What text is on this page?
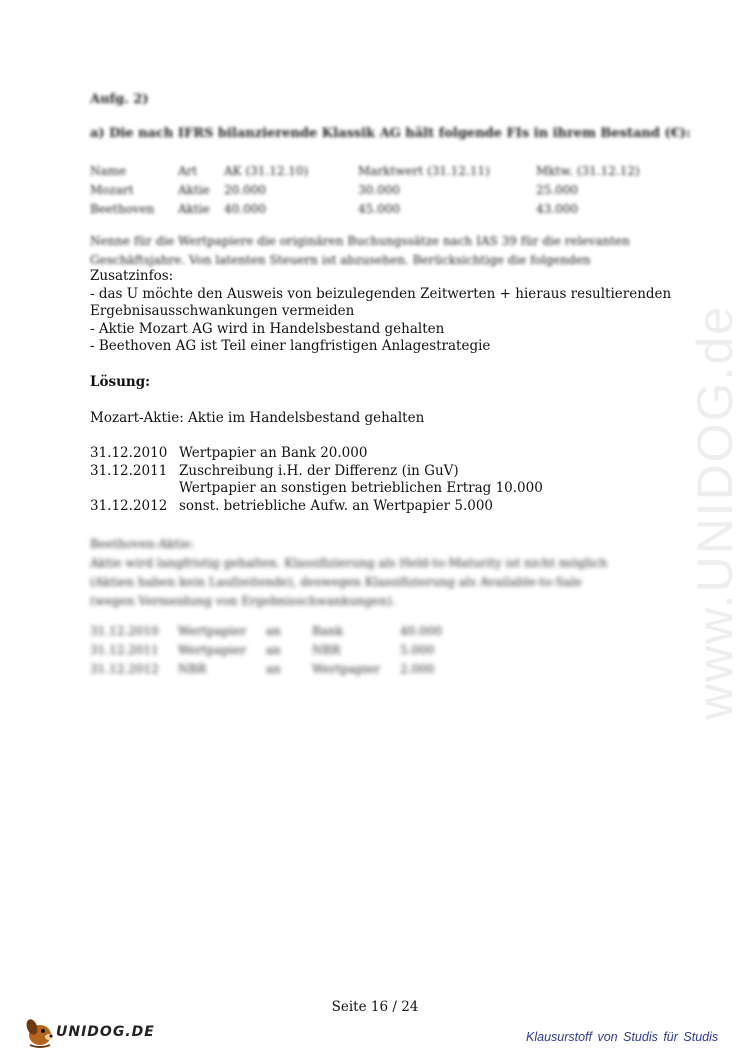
www.UNIDOG.de
Aufg. 2)
a) Die nach IFRS bilanzierende Klassik AG hält folgende FIs in ihrem Bestand (€):
Name	Art AK (31.12.10)	Marktwert (31.12.11)	Mktw. (31.12.12)
Mozart	Aktie 20.000	30.000	25.000
Beethoven Aktie 40.000	45.000	43.000
Nenne für die Wertpapiere die originären Buchungssätze nach IAS 39 für die relevanten
Geschäftsjahre. Von latenten Steuern ist abzusehen. Berücksichtige die folgenden
Zusatzinfos:
- das U möchte den Ausweis von beizulegenden Zeitwerten + hieraus resultierenden
Ergebnisausschwankungen vermeiden
- Aktie Mozart AG wird in Handelsbestand gehalten
- Beethoven AG ist Teil einer langfristigen Anlagestrategie
Lösung:
Mozart-Aktie: Aktie im Handelsbestand gehalten
31.12.2010 Wertpapier an Bank 20.000
31.12.2011 Zuschreibung i.H. der Differenz (in GuV)
Wertpapier an sonstigen betrieblichen Ertrag 10.000
31.12.2012 sonst. betriebliche Aufw. an Wertpapier 5.000
Beethoven-Aktie:
Aktie wird langfristig gehalten. Klassifizierung als Held-to-Maturity ist nicht möglich
(Aktien haben kein Laufzeitende), deswegen Klassifizierung als Available-to-Sale
(wegen Vermeidung von Ergebnisschwankungen).
31.12.2010 Wertpapier an	Bank	40.000
31.12.2011 Wertpapier an	NBR	5.000
31.12.2012 NBR	an	Wertpapier 2.000
Seite 16 / 24
UNIDOG.DE	Klausurstoff von Studis für Studis
